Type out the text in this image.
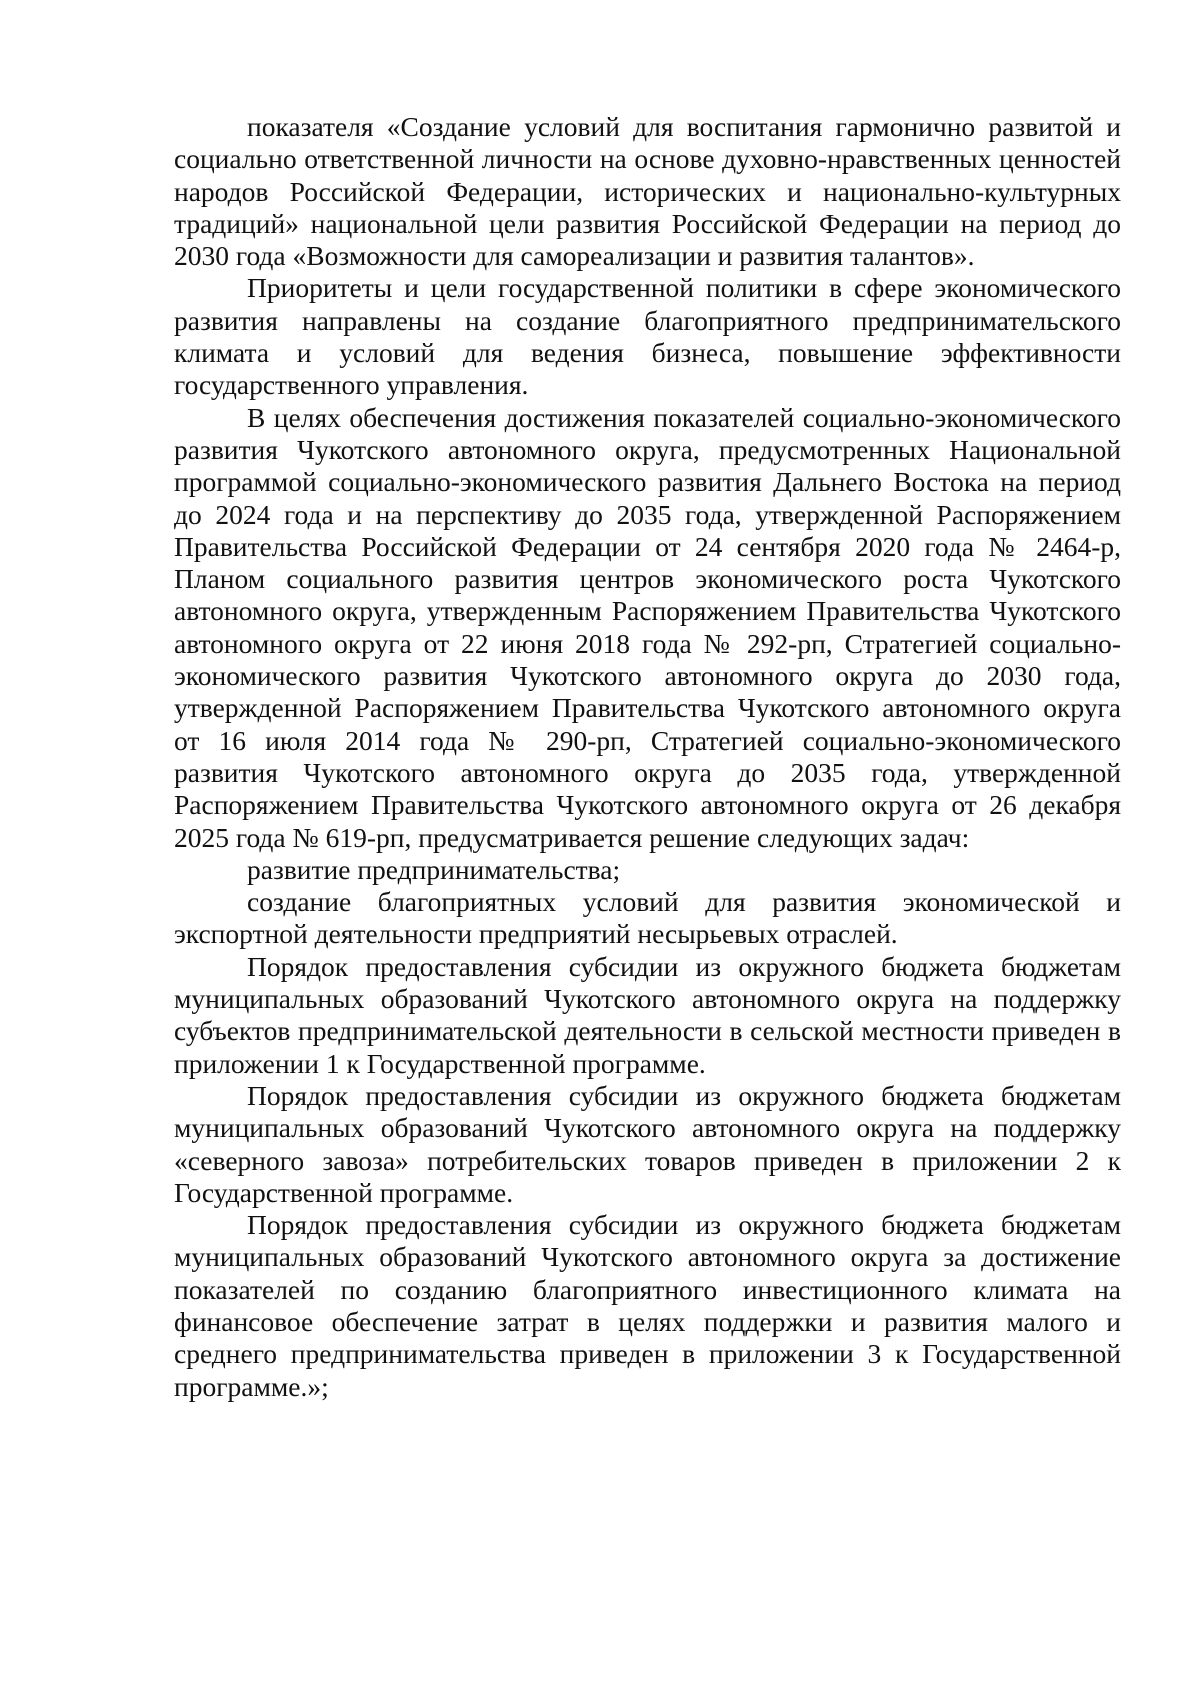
показателя «Создание условий для воспитания гармонично развитой и социально ответственной личности на основе духовно-нравственных ценностей народов Российской Федерации, исторических и национально-культурных традиций» национальной цели развития Российской Федерации на период до 2030 года «Возможности для самореализации и развития талантов».

Приоритеты и цели государственной политики в сфере экономического развития направлены на создание благоприятного предпринимательского климата и условий для ведения бизнеса, повышение эффективности государственного управления.

В целях обеспечения достижения показателей социально-экономического развития Чукотского автономного округа, предусмотренных Национальной программой социально-экономического развития Дальнего Востока на период до 2024 года и на перспективу до 2035 года, утвержденной Распоряжением Правительства Российской Федерации от 24 сентября 2020 года № 2464-р, Планом социального развития центров экономического роста Чукотского автономного округа, утвержденным Распоряжением Правительства Чукотского автономного округа от 22 июня 2018 года № 292-рп, Стратегией социально-экономического развития Чукотского автономного округа до 2030 года, утвержденной Распоряжением Правительства Чукотского автономного округа от 16 июля 2014 года № 290-рп, Стратегией социально-экономического развития Чукотского автономного округа до 2035 года, утвержденной Распоряжением Правительства Чукотского автономного округа от 26 декабря 2025 года № 619-рп, предусматривается решение следующих задач:

развитие предпринимательства;

создание благоприятных условий для развития экономической и экспортной деятельности предприятий несырьевых отраслей.

Порядок предоставления субсидии из окружного бюджета бюджетам муниципальных образований Чукотского автономного округа на поддержку субъектов предпринимательской деятельности в сельской местности приведен в приложении 1 к Государственной программе.

Порядок предоставления субсидии из окружного бюджета бюджетам муниципальных образований Чукотского автономного округа на поддержку «северного завоза» потребительских товаров приведен в приложении 2 к Государственной программе.

Порядок предоставления субсидии из окружного бюджета бюджетам муниципальных образований Чукотского автономного округа за достижение показателей по созданию благоприятного инвестиционного климата на финансовое обеспечение затрат в целях поддержки и развития малого и среднего предпринимательства приведен в приложении 3 к Государственной программе.»;
